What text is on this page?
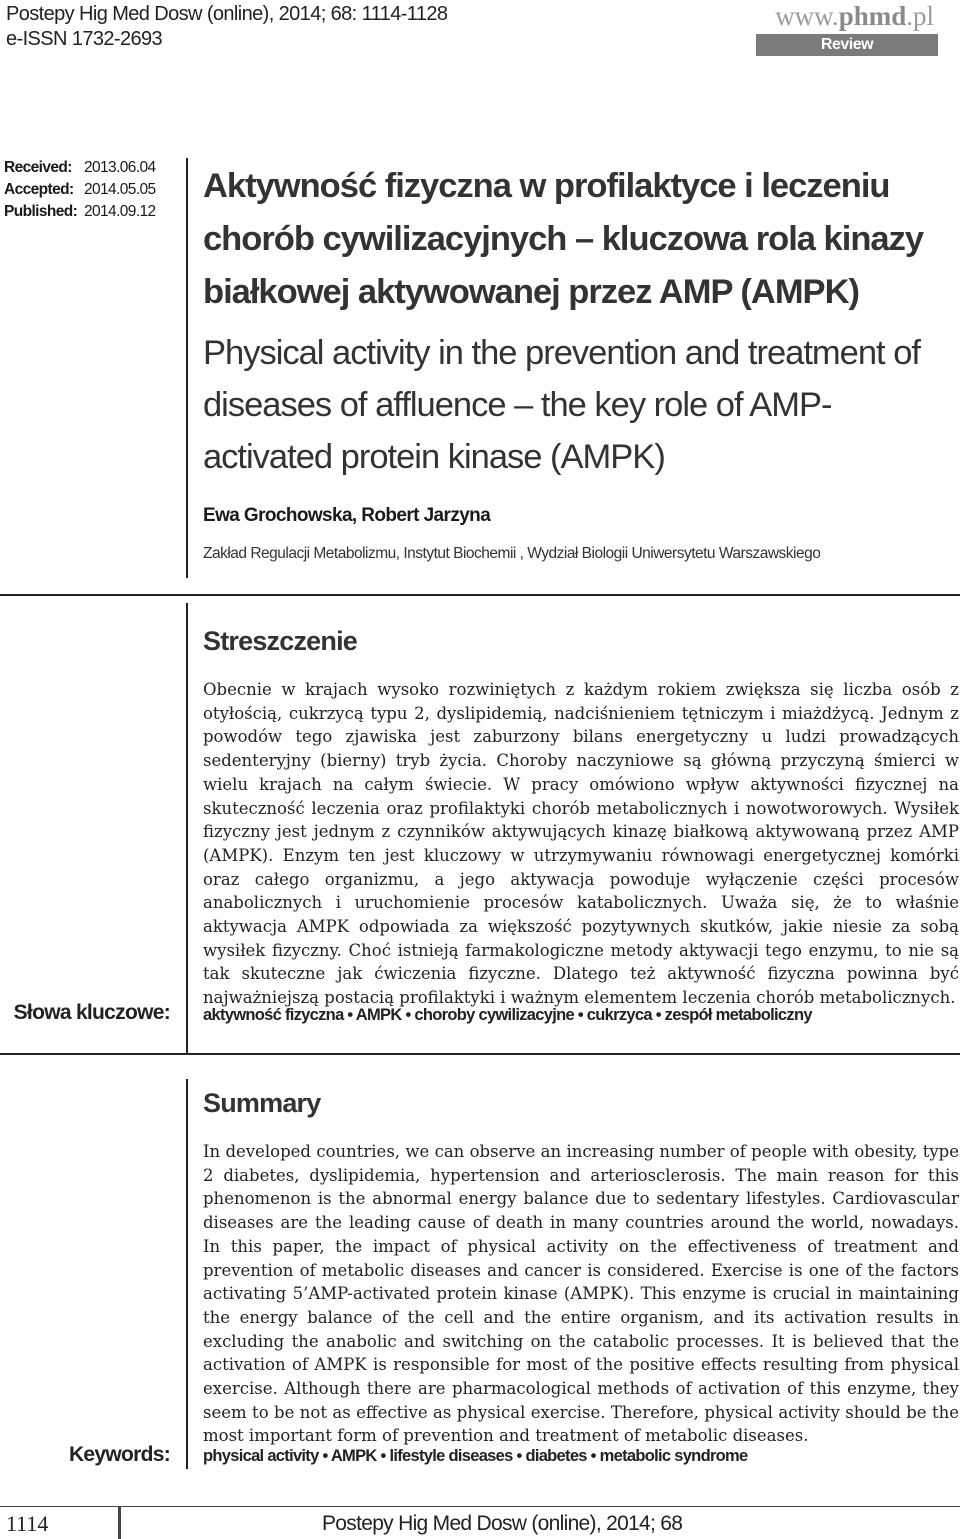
Postepy Hig Med Dosw (online), 2014; 68: 1114-1128
e-ISSN 1732-2693
www.phmd.pl
Review
Received: 2013.06.04
Accepted: 2014.05.05
Published: 2014.09.12
Aktywność fizyczna w profilaktyce i leczeniu chorób cywilizacyjnych – kluczowa rola kinazy białkowej aktywowanej przez AMP (AMPK)
Physical activity in the prevention and treatment of diseases of affluence – the key role of AMP-activated protein kinase (AMPK)
Ewa Grochowska, Robert Jarzyna
Zakład Regulacji Metabolizmu, Instytut Biochemii , Wydział Biologii Uniwersytetu Warszawskiego
Streszczenie
Obecnie w krajach wysoko rozwiniętych z każdym rokiem zwiększa się liczba osób z otyłością, cukrzycą typu 2, dyslipidemią, nadciśnieniem tętniczym i miażdżycą. Jednym z powodów tego zjawiska jest zaburzony bilans energetyczny u ludzi prowadzących sedenteryjny (bierny) tryb życia. Choroby naczyniowe są główną przyczyną śmierci w wielu krajach na całym świecie. W pracy omówiono wpływ aktywności fizycznej na skuteczność leczenia oraz profilaktyki chorób metabolicznych i nowotworowych. Wysiłek fizyczny jest jednym z czynników aktywujących kinazę białkową aktywowaną przez AMP (AMPK). Enzym ten jest kluczowy w utrzymywaniu równowagi energetycznej komórki oraz całego organizmu, a jego aktywacja powoduje wyłączenie części procesów anabolicznych i uruchomienie procesów katabolicznych. Uważa się, że to właśnie aktywacja AMPK odpowiada za większość pozytywnych skutków, jakie niesie za sobą wysiłek fizyczny. Choć istnieją farmakologiczne metody aktywacji tego enzymu, to nie są tak skuteczne jak ćwiczenia fizyczne. Dlatego też aktywność fizyczna powinna być najważniejszą postacią profilaktyki i ważnym elementem leczenia chorób metabolicznych.
Słowa kluczowe: aktywność fizyczna • AMPK • choroby cywilizacyjne • cukrzyca • zespół metaboliczny
Summary
In developed countries, we can observe an increasing number of people with obesity, type 2 diabetes, dyslipidemia, hypertension and arteriosclerosis. The main reason for this phenomenon is the abnormal energy balance due to sedentary lifestyles. Cardiovascular diseases are the leading cause of death in many countries around the world, nowadays. In this paper, the impact of physical activity on the effectiveness of treatment and prevention of metabolic diseases and cancer is considered. Exercise is one of the factors activating 5’AMP-activated protein kinase (AMPK). This enzyme is crucial in maintaining the energy balance of the cell and the entire organism, and its activation results in excluding the anabolic and switching on the catabolic processes. It is believed that the activation of AMPK is responsible for most of the positive effects resulting from physical exercise. Although there are pharmacological methods of activation of this enzyme, they seem to be not as effective as physical exercise. Therefore, physical activity should be the most important form of prevention and treatment of metabolic diseases.
Keywords: physical activity • AMPK • lifestyle diseases • diabetes • metabolic syndrome
1114	Postepy Hig Med Dosw (online), 2014; 68
